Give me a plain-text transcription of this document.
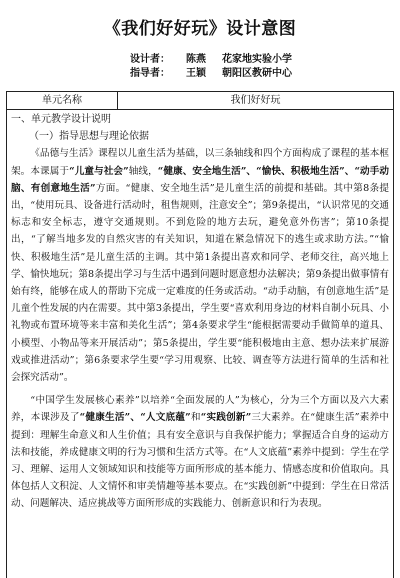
《我们好好玩》设计意图
设计者： 陈燕 花家地实验小学
指导者： 王颖 朝阳区教研中心
单元名称	我们好好玩
一、单元教学设计说明
（一）指导思想与理论依据

《品德与生活》课程以儿童生活为基础，以三条轴线和四个方面构成了课程的基本框架。本课属于“儿童与社会”轴线，“健康、安全地生活”、“愉快、积极地生活”、“动手动脑、有创意地生活”方面。“健康、安全地生活”是儿童生活的前提和基础。其中第8条提出，“使用玩具、设备进行活动时，租售规则，注意安全”；第9条提出，“认识常见的交通标志和安全标志，遵守交通规则。不到危险的地方去玩，避免意外伤害”；第10条提出，“了解当地多发的自然灾害的有关知识，知道在紧急情况下的逃生或求助方法。”“愉快、积极地生活”是儿童生活的主调。其中第1条提出喜欢和同学、老师交往，高兴地上学、愉快地玩；第8条提出学习与生活中遇到问题时愿意想办法解决；第9条提出做事情有始有终，能够在成人的帮助下完成一定难度的任务或活动。“动手动脑，有创意地生活”是儿童个性发展的内在需要。其中第3条提出，学生要“喜欢利用身边的材料自制小玩具、小礼物或布置环境等来丰富和美化生活”；第4条要求学生“能根据需要动手做简单的道具、小模型、小物品等来开展活动”；第5条提出，学生要“能积极地由主意、想办法来扩展游戏或推进活动”；第6条要求学生要“学习用观察、比较、调查等方法进行简单的生活和社会探究活动”。

“中国学生发展核心素养”以培养“全面发展的人”为核心，分为三个方面以及六大素养，本课涉及了“健康生活”、“人文底蕴”和“实践创新”三大素养。在“健康生活”素养中提到：理解生命意义和人生价值；具有安全意识与自我保护能力；掌握适合自身的运动方法和技能，养成健康文明的行为习惯和生活方式等。在“人文底蕴”素养中提到：学生在学习、理解、运用人文领域知识和技能等方面所形成的基本能力、情感态度和价值取向。具体包括人文积淀、人文情怀和审美情趣等基本要点。在“实践创新”中提到：学生在日常活动、问题解决、适应挑战等方面所形成的实践能力、创新意识和行为表现。
